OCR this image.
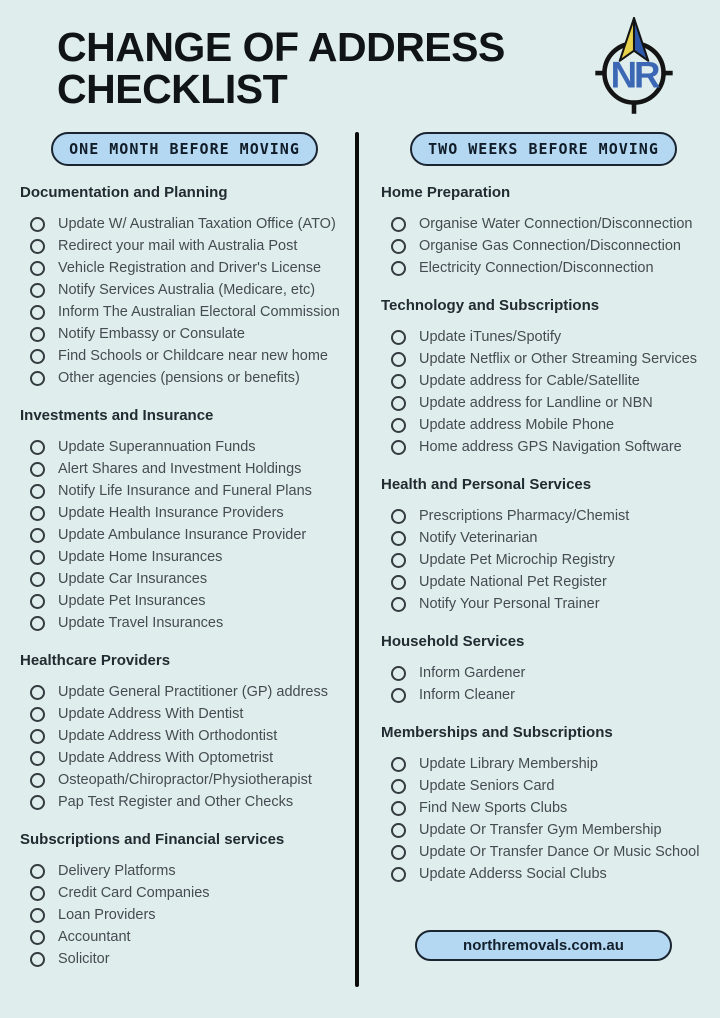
CHANGE OF ADDRESS CHECKLIST	NR
ONE MONTH BEFORE MOVING
Documentation and Planning
Update W/ Australian Taxation Office (ATO)
Redirect your mail with Australia Post
Vehicle Registration and Driver's License
Notify Services Australia (Medicare, etc)
Inform The Australian Electoral Commission
Notify Embassy or Consulate
Find Schools or Childcare near new home
Other agencies (pensions or benefits)
Investments and Insurance
Update Superannuation Funds
Alert Shares and Investment Holdings
Notify Life Insurance and Funeral Plans
Update Health Insurance Providers
Update Ambulance Insurance Provider
Update Home Insurances
Update Car Insurances
Update Pet Insurances
Update Travel Insurances
Healthcare Providers
Update General Practitioner (GP) address
Update Address With Dentist
Update Address With Orthodontist
Update Address With Optometrist
Osteopath/Chiropractor/Physiotherapist
Pap Test Register and Other Checks
Subscriptions and Financial services
Delivery Platforms
Credit Card Companies
Loan Providers
Accountant
Solicitor
TWO WEEKS BEFORE MOVING
Home Preparation
Organise Water Connection/Disconnection
Organise Gas Connection/Disconnection
Electricity Connection/Disconnection
Technology and Subscriptions
Update iTunes/Spotify
Update Netflix or Other Streaming Services
Update address for Cable/Satellite
Update address for Landline or NBN
Update address Mobile Phone
Home address GPS Navigation Software
Health and Personal Services
Prescriptions Pharmacy/Chemist
Notify Veterinarian
Update Pet Microchip Registry
Update National Pet Register
Notify Your Personal Trainer
Household Services
Inform Gardener
Inform Cleaner
Memberships and Subscriptions
Update Library Membership
Update Seniors Card
Find New Sports Clubs
Update Or Transfer Gym Membership
Update Or Transfer Dance Or Music School
Update Adderss Social Clubs
northremovals.com.au
